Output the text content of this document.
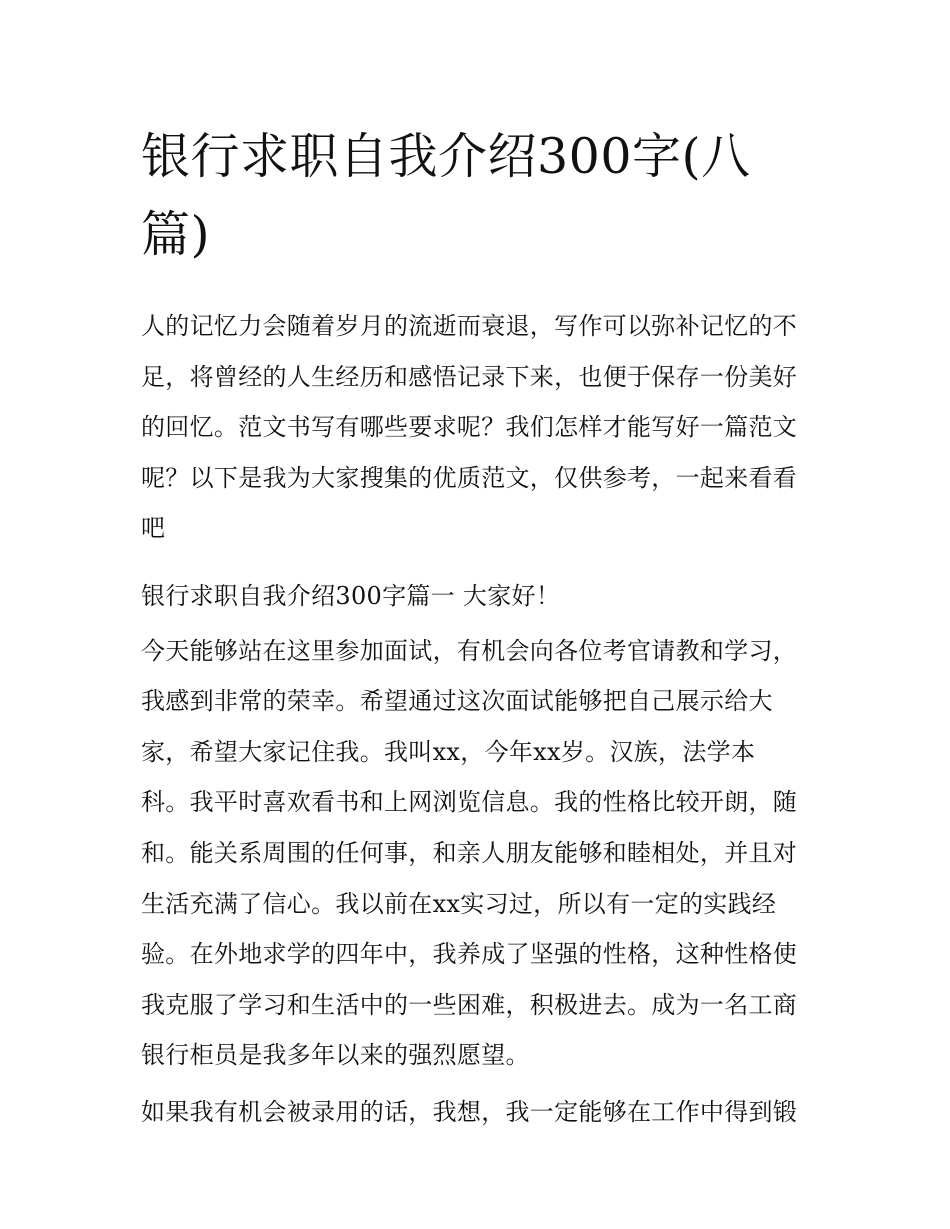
银行求职自我介绍300字(八
篇)

人的记忆力会随着岁月的流逝而衰退，写作可以弥补记忆的不
足，将曾经的人生经历和感悟记录下来，也便于保存一份美好
的回忆。范文书写有哪些要求呢？我们怎样才能写好一篇范文
呢？以下是我为大家搜集的优质范文，仅供参考，一起来看看
吧

银行求职自我介绍300字篇一 大家好！

今天能够站在这里参加面试，有机会向各位考官请教和学习，
我感到非常的荣幸。希望通过这次面试能够把自己展示给大
家，希望大家记住我。我叫xx，今年xx岁。汉族，法学本
科。我平时喜欢看书和上网浏览信息。我的性格比较开朗，随
和。能关系周围的任何事，和亲人朋友能够和睦相处，并且对
生活充满了信心。我以前在xx实习过，所以有一定的实践经
验。在外地求学的四年中，我养成了坚强的性格，这种性格使
我克服了学习和生活中的一些困难，积极进去。成为一名工商
银行柜员是我多年以来的强烈愿望。

如果我有机会被录用的话，我想，我一定能够在工作中得到锻
